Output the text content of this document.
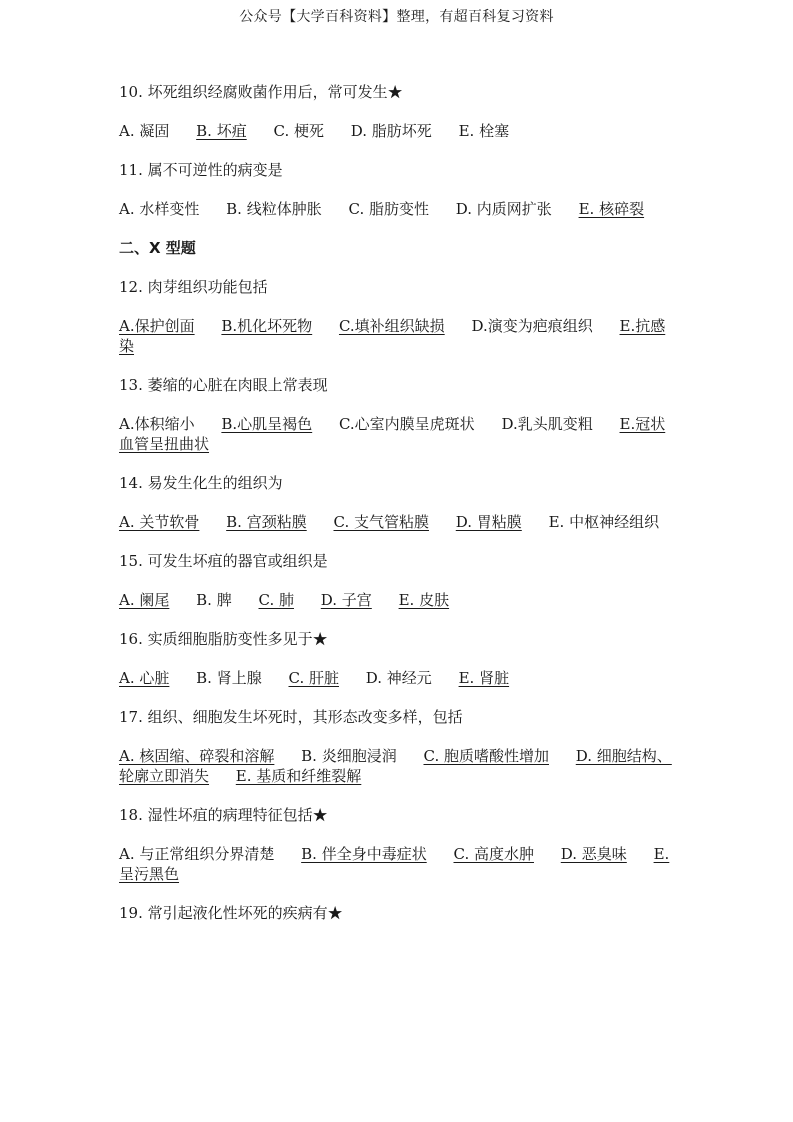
公众号【大学百科资料】整理，有超百科复习资料
10. 坏死组织经腐败菌作用后，常可发生★
A. 凝固 B. 坏疽 C. 梗死 D. 脂肪坏死 E. 栓塞
11. 属不可逆性的病变是
A. 水样变性 B. 线粒体肿胀 C. 脂肪变性 D. 内质网扩张 E. 核碎裂
二、X 型题
12. 肉芽组织功能包括
A.保护创面 B.机化坏死物 C.填补组织缺损 D.演变为疤痕组织 E.抗感染
13. 萎缩的心脏在肉眼上常表现
A.体积缩小 B.心肌呈褐色 C.心室内膜呈虎斑状 D.乳头肌变粗 E.冠状血管呈扭曲状
14. 易发生化生的组织为
A. 关节软骨 B. 宫颈粘膜 C. 支气管粘膜 D. 胃粘膜 E. 中枢神经组织
15. 可发生坏疽的器官或组织是
A. 阑尾 B. 脾 C. 肺 D. 子宫 E. 皮肤
16. 实质细胞脂肪变性多见于★
A. 心脏 B. 肾上腺 C. 肝脏 D. 神经元 E. 肾脏
17. 组织、细胞发生坏死时，其形态改变多样，包括
A. 核固缩、碎裂和溶解 B. 炎细胞浸润 C. 胞质嗜酸性增加 D. 细胞结构、轮廓立即消失 E. 基质和纤维裂解
18. 湿性坏疽的病理特征包括★
A. 与正常组织分界清楚 B. 伴全身中毒症状 C. 高度水肿 D. 恶臭味 E. 呈污黑色
19. 常引起液化性坏死的疾病有★
